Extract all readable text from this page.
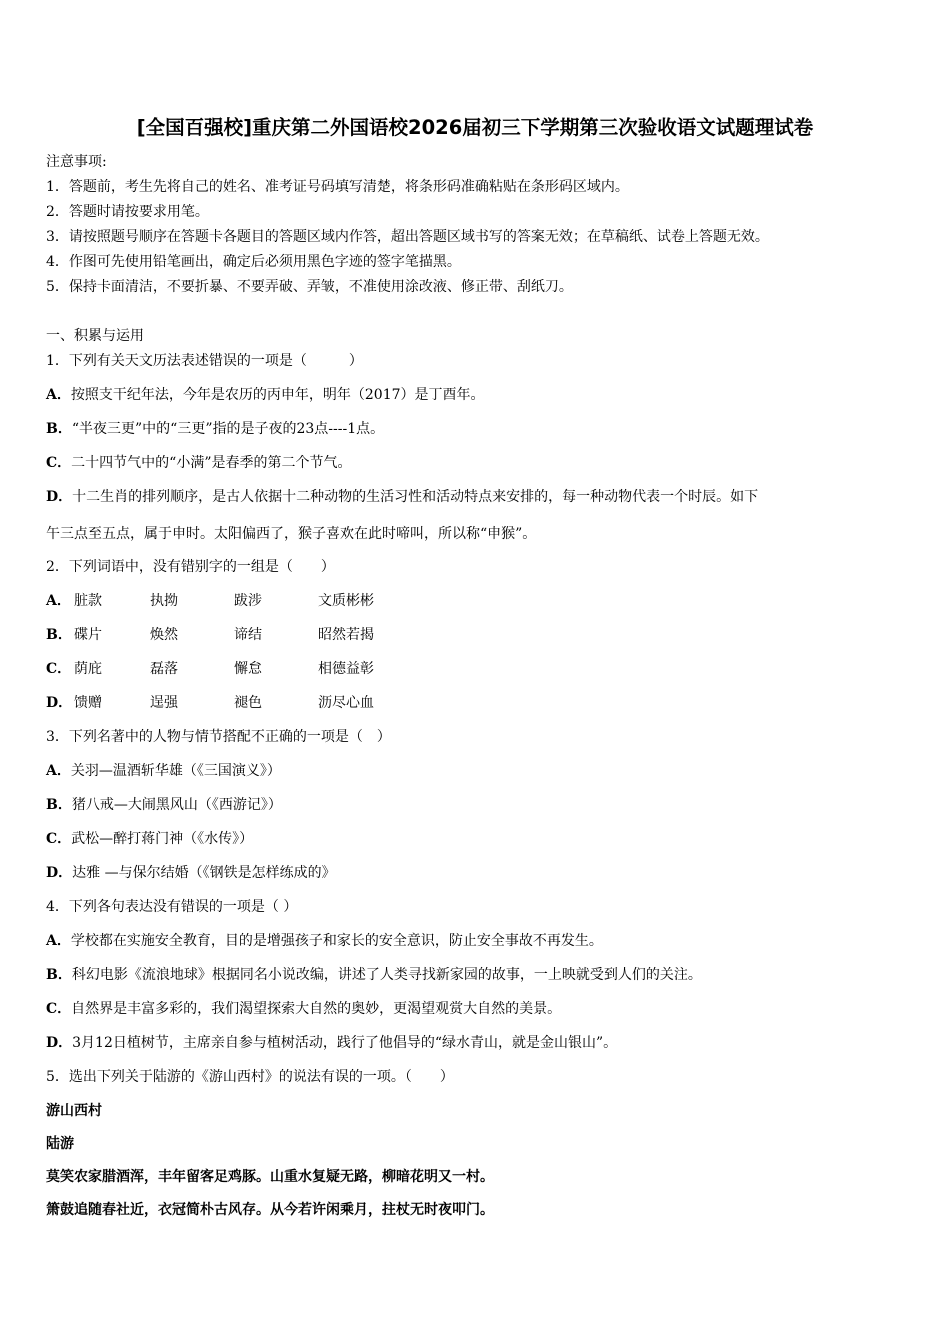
[全国百强校]重庆第二外国语校2026届初三下学期第三次验收语文试题理试卷
注意事项:
1．答题前，考生先将自己的姓名、准考证号码填写清楚，将条形码准确粘贴在条形码区域内。
2．答题时请按要求用笔。
3．请按照题号顺序在答题卡各题目的答题区域内作答，超出答题区域书写的答案无效；在草稿纸、试卷上答题无效。
4．作图可先使用铅笔画出，确定后必须用黑色字迹的签字笔描黑。
5．保持卡面清洁，不要折暴、不要弄破、弄皱，不准使用涂改液、修正带、刮纸刀。
一、积累与运用
1．下列有关天文历法表述错误的一项是（　　　）
A．按照支干纪年法，今年是农历的丙申年，明年（2017）是丁酉年。
B．“半夜三更”中的“三更”指的是子夜的23点----1点。
C．二十四节气中的“小满”是春季的第二个节气。
D．十二生肖的排列顺序，是古人依据十二种动物的生活习性和活动特点来安排的，每一种动物代表一个时辰。如下
午三点至五点，属于申时。太阳偏西了，猴子喜欢在此时啼叫，所以称“申猴”。
2．下列词语中，没有错别字的一组是（　　）
A． 脏款	执拗	跋涉	文质彬彬
B． 碟片	焕然	谛结	昭然若揭
C． 荫庇	磊落	懈怠	相德益彰
D． 馈赠	逞强	褪色	沥尽心血
3．下列名著中的人物与情节搭配不正确的一项是（　）
A．关羽—温酒斩华雄（《三国演义》）
B．猪八戒—大闹黑风山（《西游记》）
C．武松—醉打蒋门神（《水传》）
D．达雅 —与保尔结婚（《钢铁是怎样练成的》
4．下列各句表达没有错误的一项是（ ）
A．学校都在实施安全教育，目的是增强孩子和家长的安全意识，防止安全事故不再发生。
B．科幻电影《流浪地球》根据同名小说改编，讲述了人类寻找新家园的故事，一上映就受到人们的关注。
C．自然界是丰富多彩的，我们渴望探索大自然的奥妙，更渴望观赏大自然的美景。
D．3月12日植树节，主席亲自参与植树活动，践行了他倡导的“绿水青山，就是金山银山”。
5．选出下列关于陆游的《游山西村》的说法有误的一项。（　　）
游山西村
陆游
莫笑农家腊酒浑，丰年留客足鸡豚。山重水复疑无路，柳暗花明又一村。
箫鼓追随春社近，衣冠简朴古风存。从今若许闲乘月，拄杖无时夜叩门。
